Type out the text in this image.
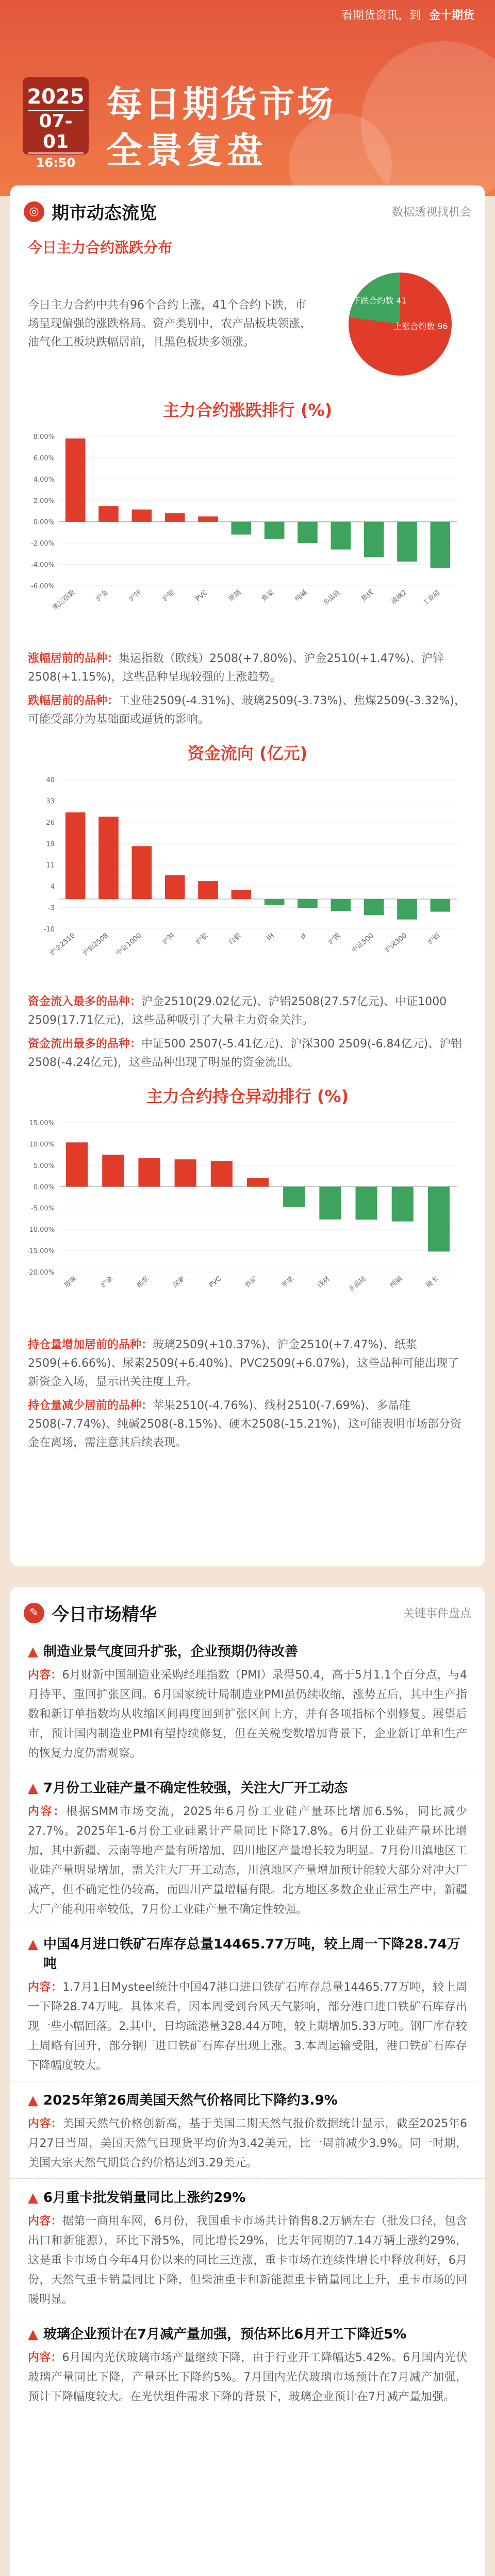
看期货资讯，到 金十期货
2025
07-01
16:50
每日期货市场
全景复盘
◎ 期市动态流览	数据透视找机会
今日主力合约涨跌分布
今日主力合约中共有96个合约上涨，41个合约下跌，市场呈现偏强的涨跌格局。资产类别中，农产品板块领涨，油气化工板块跌幅居前，且黑色板块多领涨。
上涨合约数 96
下跌合约数 41
主力合约涨跌排行 (%)
-6.00%
-4.00%
-2.00%
0.00%
2.00%
4.00%
6.00%
8.00%
集运指数	沪金	沪锌	沪银	PVC	玻璃	焦炭	纯碱 多晶硅	焦煤 玻璃2 工业硅
涨幅居前的品种：集运指数（欧线）2508(+7.80%)、沪金2510(+1.47%)、沪锌2508(+1.15%)，这些品种呈现较强的上涨趋势。
跌幅居前的品种：工业硅2509(-4.31%)、玻璃2509(-3.73%)、焦煤2509(-3.32%)，可能受部分为基础面或逼货的影响。
资金流向 (亿元)
-10
-3
4
11
19
26
33
40
沪金2510 沪铝2508 中证1000	沪铜	沪银	白银	IH	IF	沪镍 中证500 沪深300	沪铝
资金流入最多的品种：沪金2510(29.02亿元)、沪铝2508(27.57亿元)、中证1000 2509(17.71亿元)，这些品种吸引了大量主力资金关注。
资金流出最多的品种：中证500 2507(-5.41亿元)、沪深300 2509(-6.84亿元)、沪铝2508(-4.24亿元)，这些品种出现了明显的资金流出。
主力合约持仓异动排行 (%)
-20.00%
-15.00%
-10.00%
-5.00%
0.00%
5.00%
10.00%
15.00%
玻璃	沪金	纸浆	尿素	PVC	铁矿	苹果	线材 多晶硅	纯碱	硬木
持仓量增加居前的品种：玻璃2509(+10.37%)、沪金2510(+7.47%)、纸浆2509(+6.66%)、尿素2509(+6.40%)、PVC2509(+6.07%)，这些品种可能出现了新资金入场，显示出关注度上升。
持仓量减少居前的品种：苹果2510(-4.76%)、线材2510(-7.69%)、多晶硅2508(-7.74%)、纯碱2508(-8.15%)、硬木2508(-15.21%)，这可能表明市场部分资金在离场，需注意其后续表现。
✎ 今日市场精华	关键事件盘点
▲ 制造业景气度回升扩张，企业预期仍待改善
内容：6月财新中国制造业采购经理指数（PMI）录得50.4，高于5月1.1个百分点，与4月持平，重回扩张区间。6月国家统计局制造业PMI虽仍续收缩，涨势五后，其中生产指数和新订单指数均从收缩区间再度回到扩张区间上方，并有各项指标个别修复。展望后市，预计国内制造业PMI有望持续修复，但在关税变数增加背景下，企业新订单和生产的恢复力度仍需观察。
▲ 7月份工业硅产量不确定性较强，关注大厂开工动态
内容：根据SMM市场交流，2025年6月份工业硅产量环比增加6.5%，同比减少27.7%。2025年1-6月份工业硅累计产量同比下降17.8%。6月份工业硅产量环比增加，其中新疆、云南等地产量有所增加，四川地区产量增长较为明显。7月份川滇地区工业硅产量明显增加，需关注大厂开工动态，川滇地区产量增加预计能较大部分对冲大厂减产，但不确定性仍较高，而四川产量增幅有限。北方地区多数企业正常生产中，新疆大厂产能利用率较低，7月份工业硅产量不确定性较强。
▲ 中国4月进口铁矿石库存总量14465.77万吨，较上周一下降28.74万吨
内容：1.7月1日Mysteel统计中国47港口进口铁矿石库存总量14465.77万吨，较上周一下降28.74万吨。具体来看，因本周受到台风天气影响，部分港口进口铁矿石库存出现一些小幅回落。2.其中，日均疏港量328.44万吨，较上期增加5.33万吨。钢厂库存较上周略有回升，部分钢厂进口铁矿石库存出现上涨。3.本周运输受阻，港口铁矿石库存下降幅度较大。
▲ 2025年第26周美国天然气价格同比下降约3.9%
内容：美国天然气价格创新高，基于美国二期天然气报价数据统计显示，截至2025年6月27日当周，美国天然气日现货平均价为3.42美元，比一周前减少3.9%。同一时期，美国大宗天然气期货合约价格达到3.29美元。
▲ 6月重卡批发销量同比上涨约29%
内容：据第一商用车网，6月份，我国重卡市场共计销售8.2万辆左右（批发口径，包含出口和新能源），环比下滑5%，同比增长29%，比去年同期的7.14万辆上涨约29%，这是重卡市场自今年4月份以来的同比三连涨，重卡市场在连续性增长中释放利好，6月份，天然气重卡销量同比下降，但柴油重卡和新能源重卡销量同比上升，重卡市场的回暖明显。
▲ 玻璃企业预计在7月减产量加强，预估环比6月开工下降近5%
内容：6月国内光伏玻璃市场产量继续下降，由于行业开工降幅达5.42%。6月国内光伏玻璃产量同比下降，产量环比下降约5%。7月国内光伏玻璃市场预计在7月减产加强，预计下降幅度较大。在光伏组件需求下降的背景下，玻璃企业预计在7月减产量加强。
